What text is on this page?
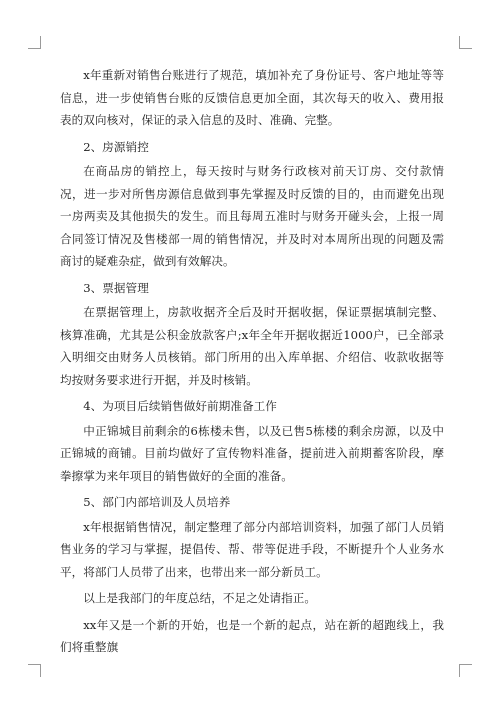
x年重新对销售台账进行了规范，填加补充了身份证号、客户地址等等信息，进一步使销售台账的反馈信息更加全面，其次每天的收入、费用报表的双向核对，保证的录入信息的及时、准确、完整。

2、房源销控

在商品房的销控上，每天按时与财务行政核对前天订房、交付款情况，进一步对所售房源信息做到事先掌握及时反馈的目的，由而避免出现一房两卖及其他损失的发生。而且每周五准时与财务开碰头会，上报一周合同签订情况及售楼部一周的销售情况，并及时对本周所出现的问题及需商讨的疑难杂症，做到有效解决。

3、票据管理

在票据管理上，房款收据齐全后及时开据收据，保证票据填制完整、核算准确，尤其是公积金放款客户;x年全年开据收据近1000户，已全部录入明细交由财务人员核销。部门所用的出入库单据、介绍信、收款收据等均按财务要求进行开据，并及时核销。

4、为项目后续销售做好前期准备工作

中正锦城目前剩余的6栋楼未售，以及已售5栋楼的剩余房源，以及中正锦城的商铺。目前均做好了宣传物料准备，提前进入前期蓄客阶段，摩拳擦掌为来年项目的销售做好的全面的准备。

5、部门内部培训及人员培养

x年根据销售情况，制定整理了部分内部培训资料，加强了部门人员销售业务的学习与掌握，提倡传、帮、带等促进手段，不断提升个人业务水平，将部门人员带了出来，也带出来一部分新员工。

以上是我部门的年度总结，不足之处请指正。

xx年又是一个新的开始，也是一个新的起点，站在新的超跑线上，我们将重整旗
